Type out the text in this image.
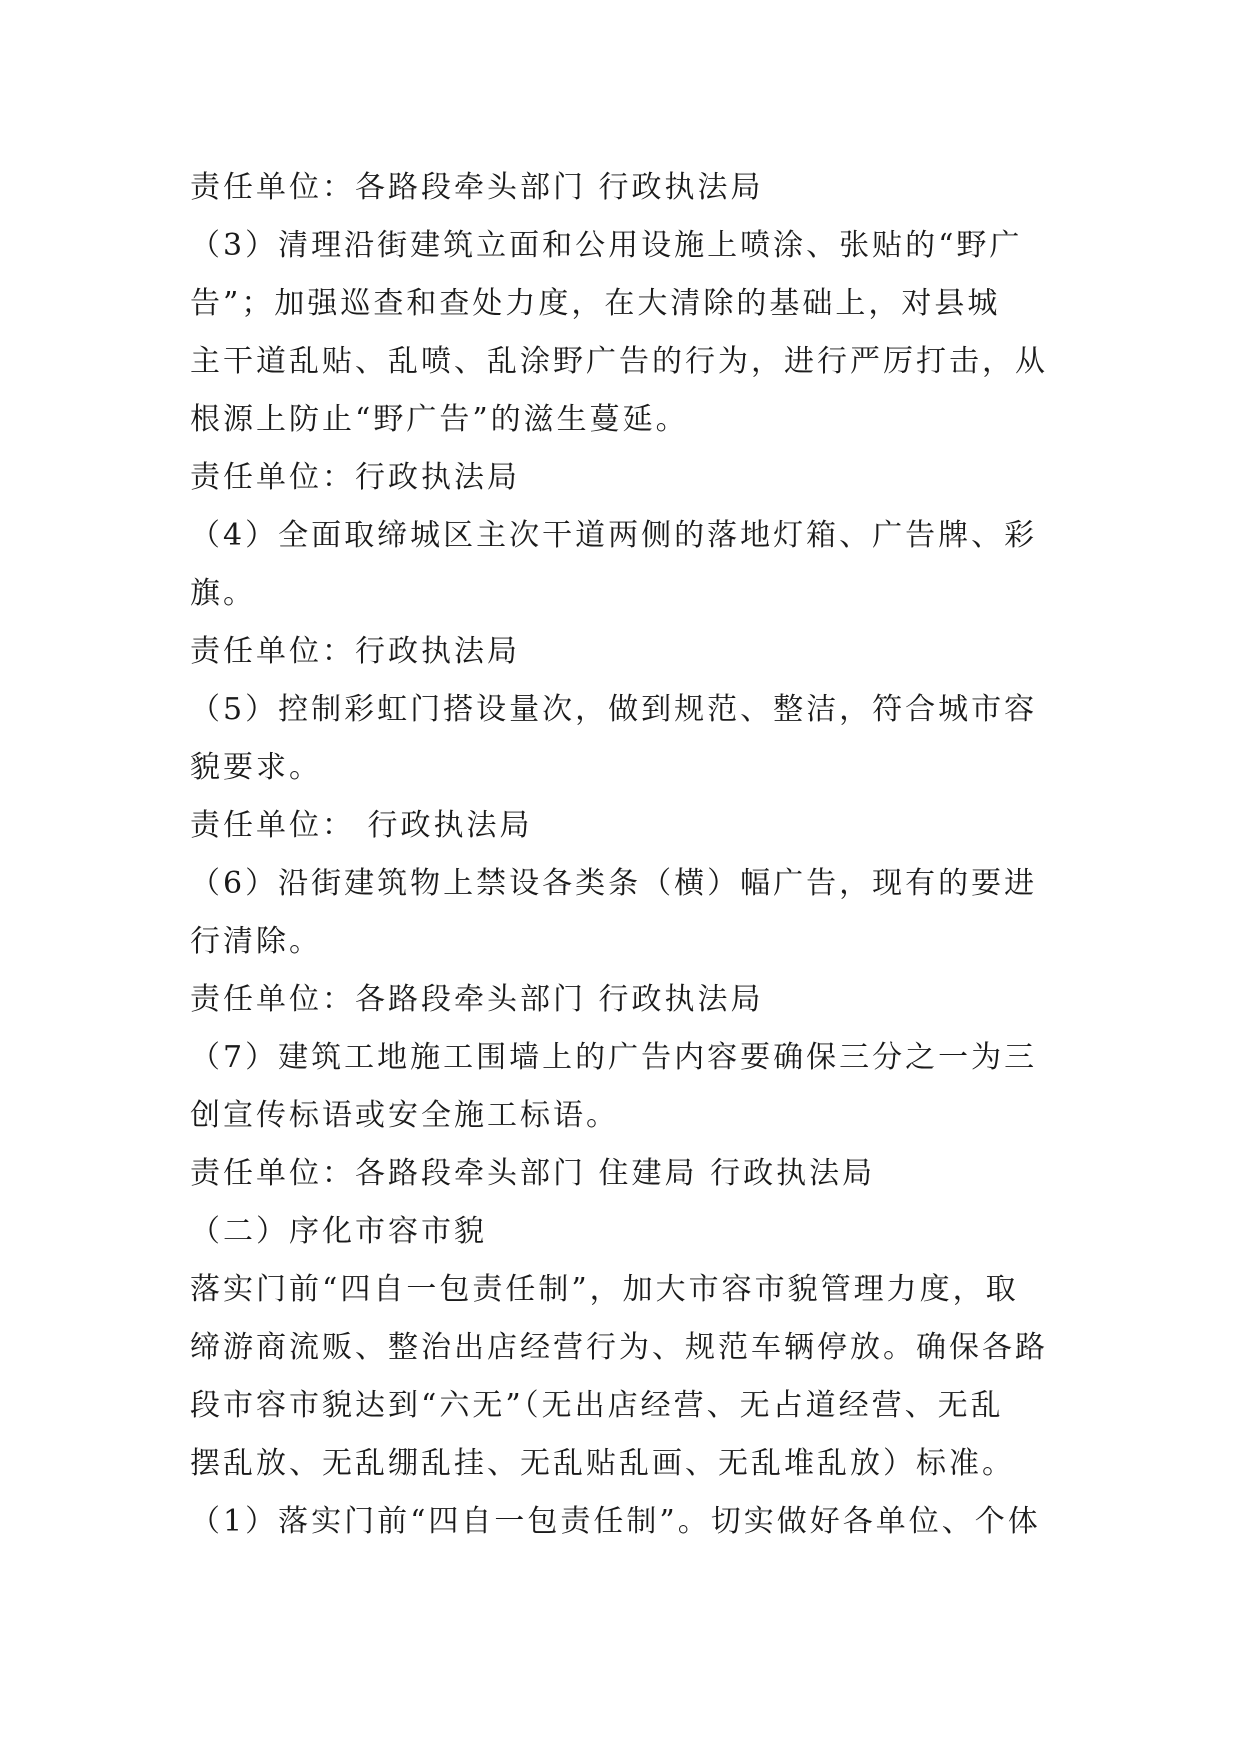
责任单位：各路段牵头部门 行政执法局
（3）清理沿街建筑立面和公用设施上喷涂、张贴的“野广
告”；加强巡查和查处力度，在大清除的基础上，对县城
主干道乱贴、乱喷、乱涂野广告的行为，进行严厉打击，从
根源上防止“野广告”的滋生蔓延。
责任单位：行政执法局
（4）全面取缔城区主次干道两侧的落地灯箱、广告牌、彩
旗。
责任单位：行政执法局
（5）控制彩虹门搭设量次，做到规范、整洁，符合城市容
貌要求。
责任单位： 行政执法局
（6）沿街建筑物上禁设各类条（横）幅广告，现有的要进
行清除。
责任单位：各路段牵头部门 行政执法局
（7）建筑工地施工围墙上的广告内容要确保三分之一为三
创宣传标语或安全施工标语。
责任单位：各路段牵头部门 住建局 行政执法局
（二）序化市容市貌
落实门前“四自一包责任制”，加大市容市貌管理力度，取
缔游商流贩、整治出店经营行为、规范车辆停放。确保各路
段市容市貌达到“六无”（无出店经营、无占道经营、无乱
摆乱放、无乱绷乱挂、无乱贴乱画、无乱堆乱放）标准。
（1）落实门前“四自一包责任制”。切实做好各单位、个体
